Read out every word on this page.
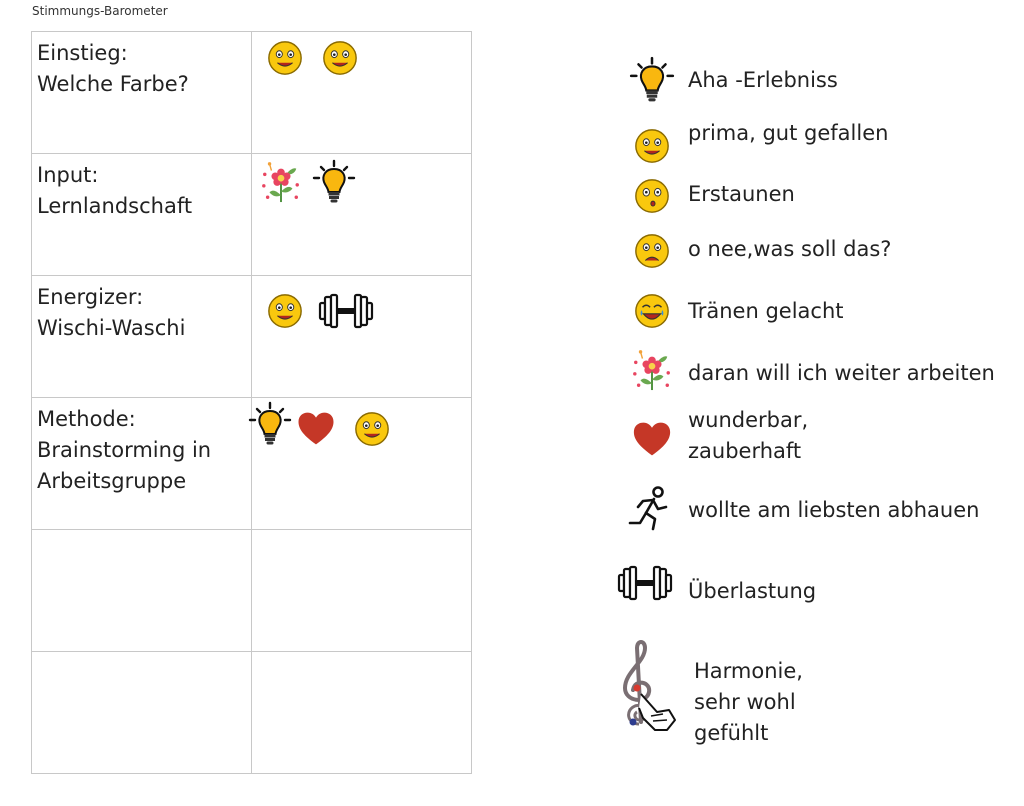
Stimmungs-Barometer
Einstieg:
Welche Farbe?

Input:
Lernlandschaft

Energizer:
Wischi-Waschi

Methode:
Brainstorming in
Arbeitsgruppe

Aha -Erlebniss
prima, gut gefallen
Erstaunen
o nee,was soll das?
Tränen gelacht
daran will ich weiter arbeiten
wunderbar,
zauberhaft
wollte am liebsten abhauen
Überlastung
Harmonie,
sehr wohl gefühlt
